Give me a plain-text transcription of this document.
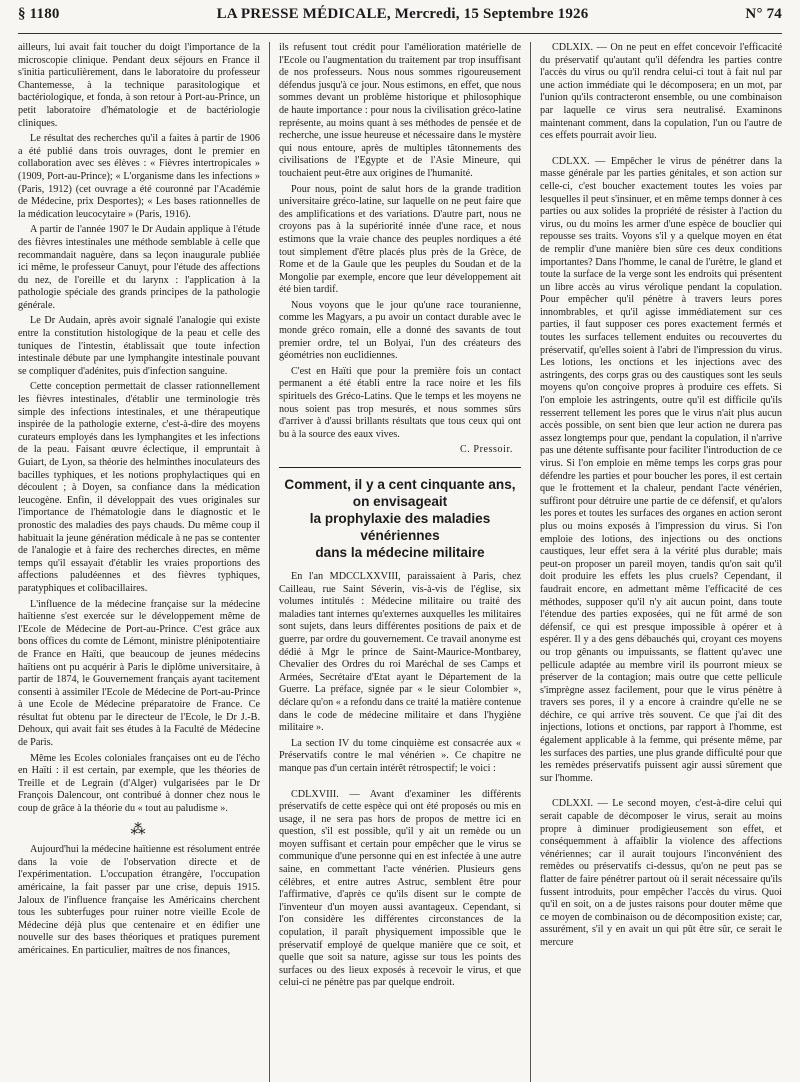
§ 1180	LA PRESSE MÉDICALE, Mercredi, 15 Septembre 1926	N° 74

ailleurs, lui avait fait toucher du doigt l'importance de la microscopie clinique. Pendant deux séjours en France il s'initia particulièrement, dans le laboratoire du professeur Chantemesse, à la technique parasitologique et bactériologique, et fonda, à son retour à Port-au-Prince, un petit laboratoire d'hématologie et de bactériologie cliniques.

Le résultat des recherches qu'il a faites à partir de 1906 a été publié dans trois ouvrages, dont le premier en collaboration avec ses élèves : « Fièvres intertropicales » (1909, Port-au-Prince); « L'organisme dans les infections » (Paris, 1912) (cet ouvrage a été couronné par l'Académie de Médecine, prix Desportes); « Les bases rationnelles de la médication leucocytaire » (Paris, 1916).

A partir de l'année 1907 le Dr Audain applique à l'étude des fièvres intestinales une méthode semblable à celle que recommandait naguère, dans sa leçon inaugurale publiée ici même, le professeur Canuyt, pour l'étude des affections du nez, de l'oreille et du larynx : l'application à la pathologie spéciale des grands principes de la pathologie générale.

Le Dr Audain, après avoir signalé l'analogie qui existe entre la constitution histologique de la peau et celle des tuniques de l'intestin, établissait que toute infection intestinale débute par une lymphangite intestinale pouvant se compliquer d'adénites, puis d'infection sanguine.

Cette conception permettait de classer rationnellement les fièvres intestinales, d'établir une terminologie très simple des infections intestinales, et une thérapeutique inspirée de la pathologie externe, c'est-à-dire des moyens curateurs employés dans les lymphangites et les infections de la peau. Faisant œuvre éclectique, il empruntait à Guiart, de Lyon, sa théorie des helminthes inoculateurs des bacilles typhiques, et les notions prophylactiques qui en découlent ; à Doyen, sa confiance dans la médication leucogène. Enfin, il développait des vues originales sur l'importance de l'hématologie dans le diagnostic et le pronostic des maladies des pays chauds. Du même coup il habituait la jeune génération médicale à ne pas se contenter de l'analogie et à faire des recherches directes, en même temps qu'il essayait d'établir les vraies proportions des affections paludéennes et des fièvres typhiques, paratyphiques et colibacillaires.

L'influence de la médecine française sur la médecine haïtienne s'est exercée sur le développement même de l'Ecole de Médecine de Port-au-Prince. C'est grâce aux bons offices du comte de Lémont, ministre plénipotentiaire de France en Haïti, que beaucoup de jeunes médecins haïtiens ont pu acquérir à Paris le diplôme universitaire, à partir de 1874, le Gouvernement français ayant tacitement consenti à assimiler l'Ecole de Médecine de Port-au-Prince à une Ecole de Médecine préparatoire de France. Ce résultat fut obtenu par le directeur de l'Ecole, le Dr J.-B. Dehoux, qui avait fait ses études à la Faculté de Médecine de Paris.

Même les Ecoles coloniales françaises ont eu de l'écho en Haïti : il est certain, par exemple, que les théories de Treille et de Legrain (d'Alger) vulgarisées par le Dr François Dalencour, ont contribué à donner chez nous le coup de grâce à la théorie du « tout au paludisme ».

⁂

Aujourd'hui la médecine haïtienne est résolument entrée dans la voie de l'observation directe et de l'expérimentation. L'occupation étrangère, l'occupation américaine, la fait passer par une crise, depuis 1915. Jaloux de l'influence française les Américains cherchent tous les subterfuges pour ruiner notre vieille Ecole de Médecine déjà plus que centenaire et en édifier une nouvelle sur des bases théoriques et pratiques purement américaines. En particulier, maîtres de nos finances,

ils refusent tout crédit pour l'amélioration matérielle de l'Ecole ou l'augmentation du traitement par trop insuffisant de nos professeurs. Nous nous sommes rigoureusement défendus jusqu'à ce jour. Nous estimons, en effet, que nous sommes devant un problème historique et philosophique de haute importance : pour nous la civilisation gréco-latine représente, au moins quant à ses méthodes de pensée et de recherche, une issue heureuse et nécessaire dans le mystère qui nous entoure, après de multiples tâtonnements des civilisations de l'Egypte et de l'Asie Mineure, qui touchaient peut-être aux origines de l'humanité.

Pour nous, point de salut hors de la grande tradition universitaire gréco-latine, sur laquelle on ne peut faire que des amplifications et des variations. D'autre part, nous ne croyons pas à la supériorité innée d'une race, et nous estimons que la vraie chance des peuples nordiques a été tout simplement d'être placés plus près de la Grèce, de Rome et de la Gaule que les peuples du Soudan et de la Mongolie par exemple, encore que leur développement ait été bien tardif.

Nous voyons que le jour qu'une race touranienne, comme les Magyars, a pu avoir un contact durable avec le monde gréco romain, elle a donné des savants de tout premier ordre, tel un Bolyai, l'un des créateurs des géométries non euclidiennes.

C'est en Haïti que pour la première fois un contact permanent a été établi entre la race noire et les fils spirituels des Gréco-Latins. Que le temps et les moyens ne nous soient pas trop mesurés, et nous sommes sûrs d'arriver à d'aussi brillants résultats que tous ceux qui ont bu à la source des eaux vives.

C. Pressoir.
Comment, il y a cent cinquante ans,
on envisageait
la prophylaxie des maladies vénériennes
dans la médecine militaire

En l'an MDCCLXXVIII, paraissaient à Paris, chez Cailleau, rue Saint Séverin, vis-à-vis de l'église, six volumes intitulés : Médecine militaire ou traité des maladies tant internes qu'externes auxquelles les militaires sont sujets, dans leurs différentes positions de paix et de guerre, par ordre du gouvernement. Ce travail anonyme est dédié à Mgr le prince de Saint-Maurice-Montbarey, Chevalier des Ordres du roi Maréchal de ses Camps et Armées, Secrétaire d'Etat ayant le Département de la Guerre. La préface, signée par « le sieur Colombier », déclare qu'on « a refondu dans ce traité la matière contenue dans le code de médecine militaire et dans l'hygiène militaire ».

La section IV du tome cinquième est consacrée aux « Préservatifs contre le mal vénérien ». Ce chapitre ne manque pas d'un certain intérêt rétrospectif; le voici :

CDLXVIII. — Avant d'examiner les différents préservatifs de cette espèce qui ont été proposés ou mis en usage, il ne sera pas hors de propos de mettre ici en question, s'il est possible, qu'il y ait un remède ou un moyen suffisant et certain pour empêcher que le virus se communique d'une personne qui en est infectée à une autre saine, en commettant l'acte vénérien. Plusieurs gens célèbres, et entre autres Astruc, semblent être pour l'affirmative, d'après ce qu'ils disent sur le compte de l'inventeur d'un moyen aussi avantageux. Cependant, si l'on considère les différentes circonstances de la copulation, il paraît physiquement impossible que le préservatif employé de quelque manière que ce soit, et quelle que soit sa nature, agisse sur tous les points des surfaces ou des lieux exposés à recevoir le virus, et que celui-ci ne pénètre pas par quelque endroit.

CDLXIX. — On ne peut en effet concevoir l'efficacité du préservatif qu'autant qu'il défendra les parties contre l'accès du virus ou qu'il rendra celui-ci tout à fait nul par une action immédiate qui le décomposera; en un mot, par l'union qu'ils contracteront ensemble, ou une combinaison par laquelle ce virus sera neutralisé. Examinons maintenant comment, dans la copulation, l'un ou l'autre de ces effets pourrait avoir lieu.

CDLXX. — Empêcher le virus de pénétrer dans la masse générale par les parties génitales, et son action sur celle-ci, c'est boucher exactement toutes les voies par lesquelles il peut s'insinuer, et en même temps donner à ces parties ou aux solides la propriété de résister à l'action du virus, ou du moins les armer d'une espèce de bouclier qui repousse ses traits. Voyons s'il y a quelque moyen en état de remplir d'une manière bien sûre ces deux conditions importantes? Dans l'homme, le canal de l'urètre, le gland et toute la surface de la verge sont les endroits qui présentent un libre accès au virus vérolique pendant la copulation. Pour empêcher qu'il pénètre à travers leurs pores innombrables, et qu'il agisse immédiatement sur ces parties, il faut supposer ces pores exactement fermés et toutes les surfaces tellement enduites ou recouvertes du préservatif, qu'elles soient à l'abri de l'impression du virus. Les lotions, les onctions et les injections avec des astringents, des corps gras ou des caustiques sont les seuls moyens qu'on conçoive propres à produire ces effets. Si l'on emploie les astringents, outre qu'il est difficile qu'ils resserrent tellement les pores que le virus n'ait plus aucun accès possible, on sent bien que leur action ne durera pas assez longtemps pour que, pendant la copulation, il n'arrive pas une détente suffisante pour faciliter l'introduction de ce virus. Si l'on emploie en même temps les corps gras pour défendre les parties et pour boucher les pores, il est certain que le frottement et la chaleur, pendant l'acte vénérien, suffiront pour détruire une partie de ce défensif, et qu'alors les pores et toutes les surfaces des organes en action seront plus ou moins exposés à l'impression du virus. Si l'on emploie des lotions, des injections ou des onctions caustiques, leur effet sera à la vérité plus durable; mais peut-on proposer un pareil moyen, tandis qu'on sait qu'il doit produire les effets les plus cruels? Cependant, il faudrait encore, en admettant même l'efficacité de ces méthodes, supposer qu'il n'y ait aucun point, dans toute l'étendue des parties exposées, qui ne fût armé de son défensif, ce qui est presque impossible à opérer et à espérer. Il y a des gens débauchés qui, croyant ces moyens ou trop gênants ou impuissants, se flattent qu'avec une pellicule adaptée au membre viril ils pourront mieux se préserver de la contagion; mais outre que cette pellicule s'imprègne assez facilement, pour que le virus pénètre à travers ses pores, il y a encore à craindre qu'elle ne se déchire, ce qui arrive très souvent. Ce que j'ai dit des injections, lotions et onctions, par rapport à l'homme, est également applicable à la femme, qui présente même, par les surfaces des parties, une plus grande difficulté pour que les remèdes préservatifs puissent agir aussi sûrement que sur l'homme.

CDLXXI. — Le second moyen, c'est-à-dire celui qui serait capable de décomposer le virus, serait au moins propre à diminuer prodigieusement son effet, et conséquemment à affaiblir la violence des affections vénériennes; car il aurait toujours l'inconvénient des remèdes ou préservatifs ci-dessus, qu'on ne peut pas se flatter de faire pénétrer partout où il serait nécessaire qu'ils fussent introduits, pour empêcher l'accès du virus. Quoi qu'il en soit, on a de justes raisons pour douter même que ce moyen de combinaison ou de décomposition existe; car, assurément, s'il y en avait un qui pût être sûr, ce serait le mercure
